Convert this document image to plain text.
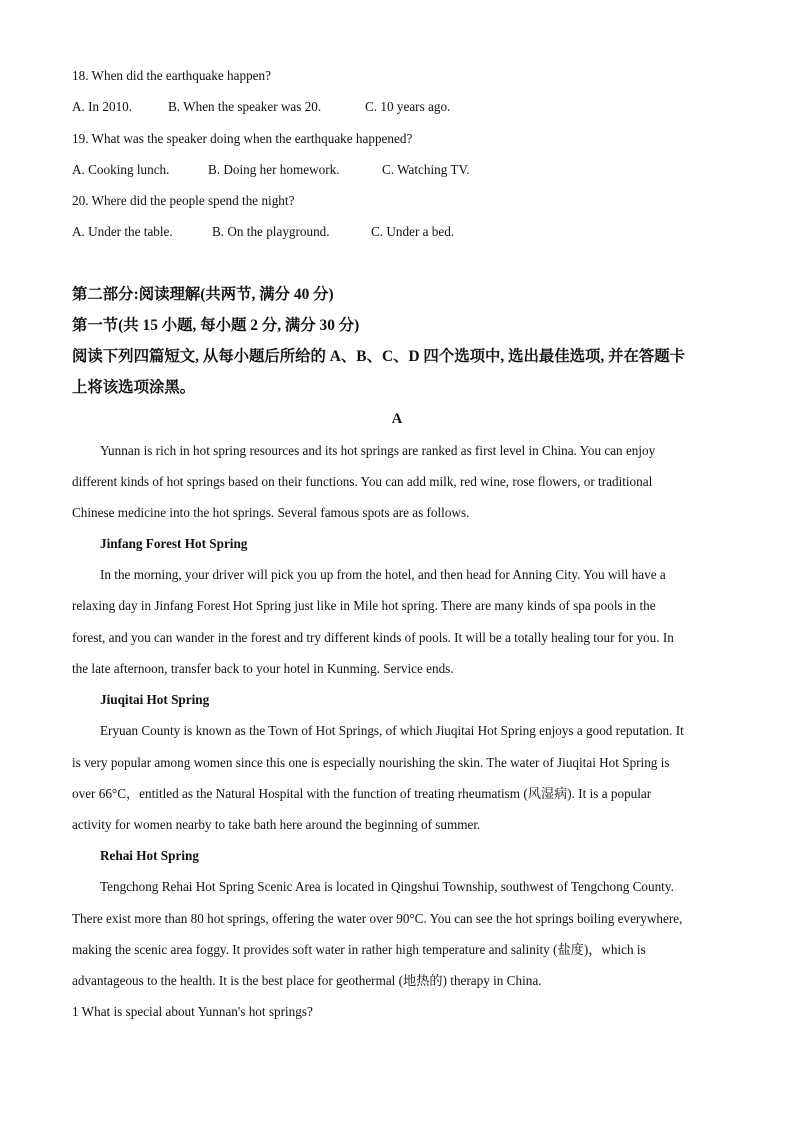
18. When did the earthquake happen?
A. In 2010.	B. When the speaker was 20.	C. 10 years ago.
19. What was the speaker doing when the earthquake happened?
A. Cooking lunch.	B. Doing her homework.	C. Watching TV.
20. Where did the people spend the night?
A. Under the table.	B. On the playground.	C. Under a bed.
第二部分:阅读理解(共两节, 满分 40 分)
第一节(共 15 小题, 每小题 2 分, 满分 30 分)
阅读下列四篇短文, 从每小题后所给的 A、B、C、D 四个选项中, 选出最佳选项, 并在答题卡
上将该选项涂黑。
A
Yunnan is rich in hot spring resources and its hot springs are ranked as first level in China. You can enjoy
different kinds of hot springs based on their functions. You can add milk, red wine, rose flowers, or traditional
Chinese medicine into the hot springs. Several famous spots are as follows.
Jinfang Forest Hot Spring
In the morning, your driver will pick you up from the hotel, and then head for Anning City. You will have a
relaxing day in Jinfang Forest Hot Spring just like in Mile hot spring. There are many kinds of spa pools in the
forest, and you can wander in the forest and try different kinds of pools. It will be a totally healing tour for you. In
the late afternoon, transfer back to your hotel in Kunming. Service ends.
Jiuqitai Hot Spring
Eryuan County is known as the Town of Hot Springs, of which Jiuqitai Hot Spring enjoys a good reputation. It
is very popular among women since this one is especially nourishing the skin. The water of Jiuqitai Hot Spring is
over 66°C，entitled as the Natural Hospital with the function of treating rheumatism (风湿病). It is a popular
activity for women nearby to take bath here around the beginning of summer.
Rehai Hot Spring
Tengchong Rehai Hot Spring Scenic Area is located in Qingshui Township, southwest of Tengchong County.
There exist more than 80 hot springs, offering the water over 90°C. You can see the hot springs boiling everywhere,
making the scenic area foggy. It provides soft water in rather high temperature and salinity (盐度)，which is
advantageous to the health. It is the best place for geothermal (地热的) therapy in China.
1 What is special about Yunnan's hot springs?
